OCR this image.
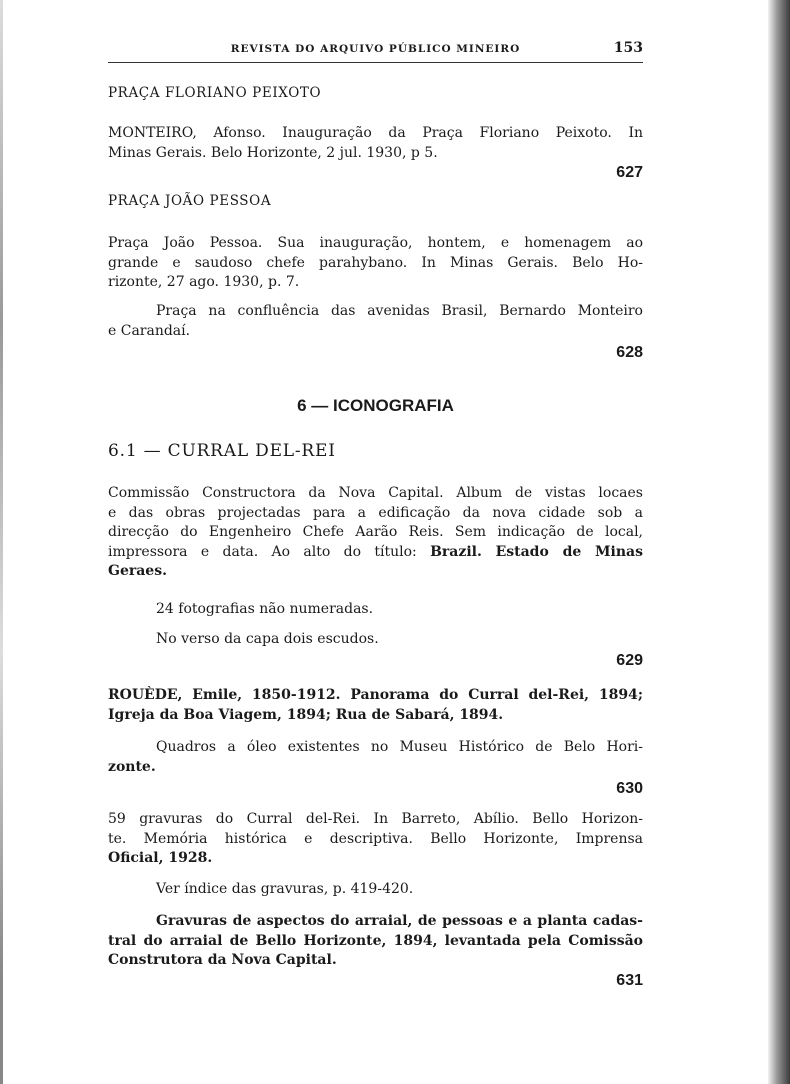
REVISTA DO ARQUIVO PÚBLICO MINEIRO	153
PRAÇA FLORIANO PEIXOTO
MONTEIRO, Afonso. Inauguração da Praça Floriano Peixoto. In
Minas Gerais. Belo Horizonte, 2 jul. 1930, p 5.
627
PRAÇA JOÃO PESSOA
Praça João Pessoa. Sua inauguração, hontem, e homenagem ao
grande e saudoso chefe parahybano. In Minas Gerais. Belo Ho-
rizonte, 27 ago. 1930, p. 7.
Praça na confluência das avenidas Brasil, Bernardo Monteiro
e Carandaí.
628
6 — ICONOGRAFIA
6.1 — CURRAL DEL-REI
Commissão Constructora da Nova Capital. Album de vistas locaes
e das obras projectadas para a edificação da nova cidade sob a
direcção do Engenheiro Chefe Aarão Reis. Sem indicação de local,
impressora e data. Ao alto do título: Brazil. Estado de Minas
Geraes.
24 fotografias não numeradas.
No verso da capa dois escudos.
629
ROUÈDE, Emile, 1850-1912. Panorama do Curral del-Rei, 1894;
Igreja da Boa Viagem, 1894; Rua de Sabará, 1894.
Quadros a óleo existentes no Museu Histórico de Belo Hori-
zonte.
630
59 gravuras do Curral del-Rei. In Barreto, Abílio. Bello Horizon-
te. Memória histórica e descriptiva. Bello Horizonte, Imprensa
Oficial, 1928.
Ver índice das gravuras, p. 419-420.
Gravuras de aspectos do arraial, de pessoas e a planta cadas-
tral do arraial de Bello Horizonte, 1894, levantada pela Comissão
Construtora da Nova Capital.
631
